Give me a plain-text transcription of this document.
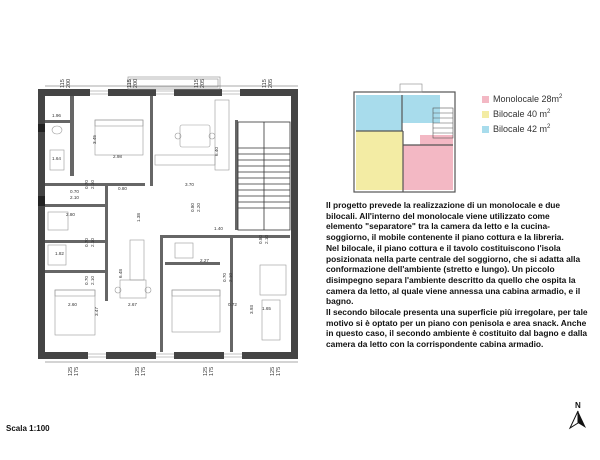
115 200	115 200	115 205	115 205
125 175	125 175	125 175	125 175
1.96
1.64	2.98
3.45
6.40
3.70
0.80
0.70 2.10
0.70
2.10
2.80	1.38
0.80 2.20
1.40
0.80 2.10
1.82
0.70 2.10
6.48
2.27
0.70 2.10
0.70 2.10
2.60	2.67
3.47
0.72
3.93 1.65
Monolocale $28m^2$
Bilocale 40 $m^2$
Bilocale 42 $m^2$

Il progetto prevede la realizzazione di un monolocale e due bilocali. All'interno del monolocale viene utilizzato come elemento "separatore" tra la camera da letto e la cucina-soggiorno, il mobile contenente il piano cottura e la libreria.

Nel bilocale, il piano cottura e il tavolo costituiscono l'isola posizionata nella parte centrale del soggiorno, che si adatta alla conformazione dell'ambiente (stretto e lungo). Un piccolo disimpegno separa l'ambiente descritto da quello che ospita la camera da letto, al quale viene annessa una cabina armadio, e il bagno.

Il secondo bilocale presenta una superficie più irregolare, per tale motivo si è optato per un piano con penisola e area snack. Anche in questo caso, il secondo ambiente è costituito dal bagno e dalla camera da letto con la corrispondente cabina armadio.

Scala 1:100
N
